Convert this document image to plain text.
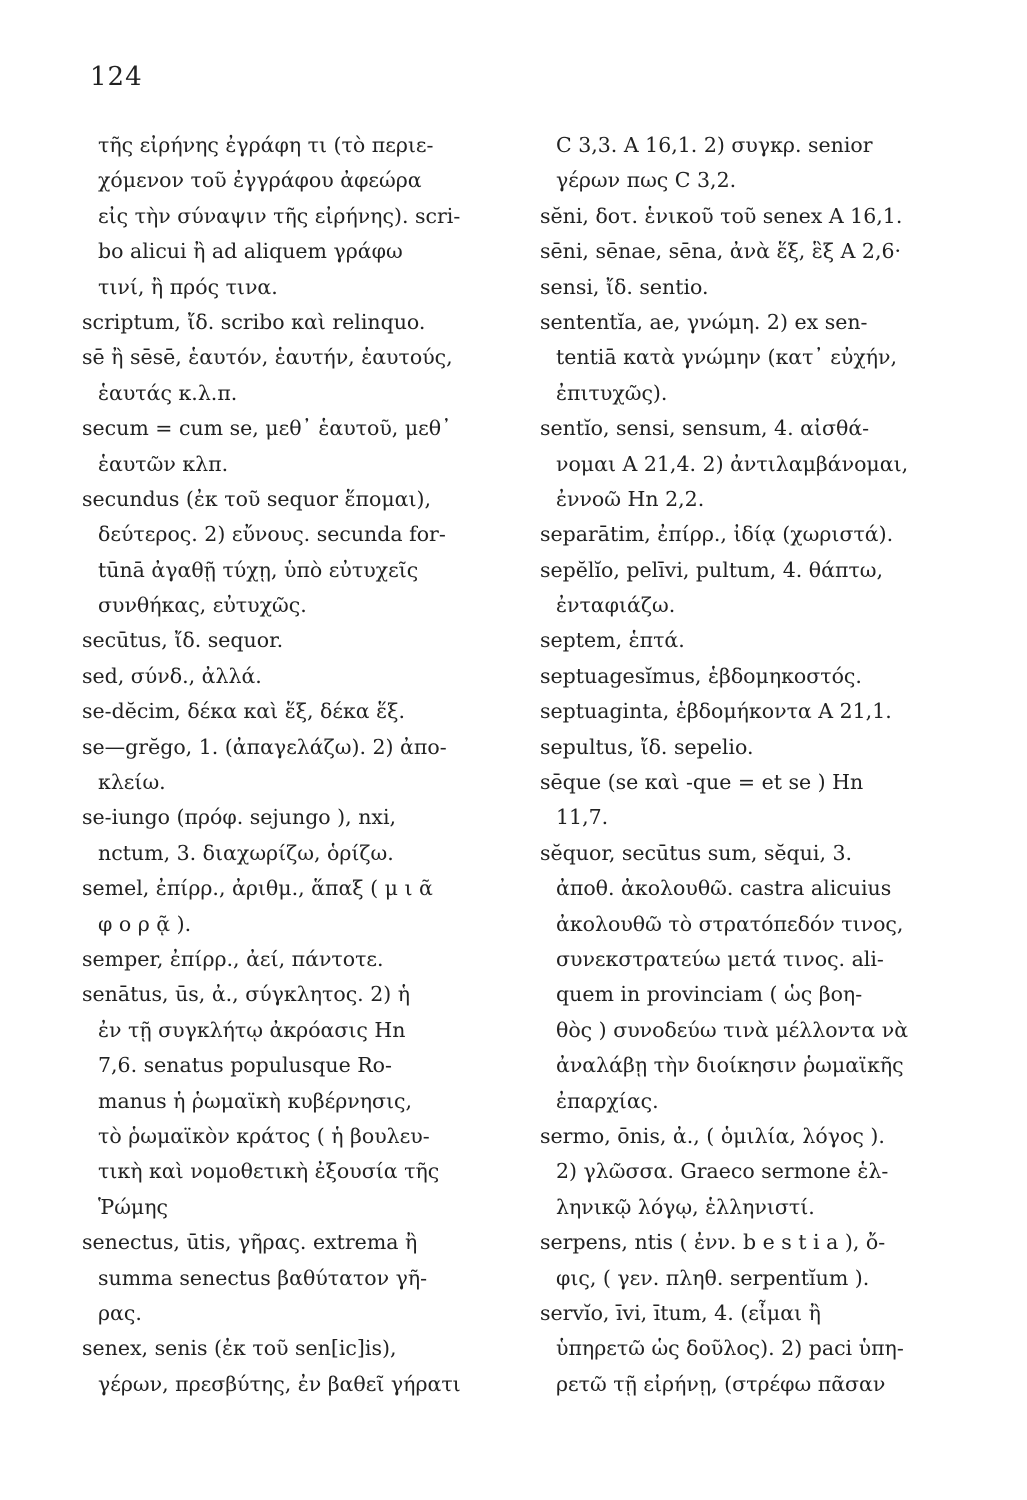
124
τῆς εἰρήνης ἐγράφη τι (τὸ περιε-
χόμενον τοῦ ἐγγράφου ἀφεώρα
εἰς τὴν σύναψιν τῆς εἰρήνης). scri-
bo alicui ἢ ad aliquem γράφω
τινί, ἢ πρός τινα.
scriptum, ἴδ. scribo καὶ relinquo.
sē ἢ sēsē, ἑαυτόν, ἑαυτήν, ἑαυτούς,
ἑαυτάς κ.λ.π.
secum = cum se, μεθ᾽ ἑαυτοῦ, μεθ᾽
ἑαυτῶν κλπ.
secundus (ἐκ τοῦ sequor ἕπομαι),
δεύτερος. 2) εὔνους. secunda for-
tūnā ἀγαθῇ τύχῃ, ὑπὸ εὐτυχεῖς
συνθήκας, εὐτυχῶς.
secūtus, ἴδ. sequor.
sed, σύνδ., ἀλλά.
se-dĕcim, δέκα καὶ ἕξ, δέκα ἕξ.
se—grĕgo, 1. (ἀπαγελάζω). 2) ἀπο-
κλείω.
se-iungo (πρόφ. sejungo ), nxi,
nctum, 3. διαχωρίζω, ὁρίζω.
semel, ἐπίρρ., ἀριθμ., ἅπαξ ( μ ι ᾶ
φ ο ρ ᾷ ).
semper, ἐπίρρ., ἀεί, πάντοτε.
senātus, ūs, ἀ., σύγκλητος. 2) ἡ
ἐν τῇ συγκλήτῳ ἀκρόασις Hn
7,6. senatus populusque Ro-
manus ἡ ῥωμαϊκὴ κυβέρνησις,
τὸ ῥωμαϊκὸν κράτος ( ἡ βουλευ-
τικὴ καὶ νομοθετικὴ ἐξουσία τῆς
Ῥώμης
senectus, ūtis, γῆρας. extrema ἢ
summa senectus βαθύτατον γῆ-
ρας.
senex, senis (ἐκ τοῦ sen[ic]is),
γέρων, πρεσβύτης, ἐν βαθεῖ γήρατι
C 3,3. A 16,1. 2) συγκρ. senior
γέρων πως C 3,2.
sĕni, δοτ. ἑνικοῦ τοῦ senex A 16,1.
sēni, sēnae, sēna, ἀνὰ ἕξ, ἓξ A 2,6·
sensi, ἴδ. sentio.
sententĭa, ae, γνώμη. 2) ex sen-
tentiā κατὰ γνώμην (κατ᾽ εὐχήν,
ἐπιτυχῶς).
sentĭo, sensi, sensum, 4. αἰσθά-
νομαι A 21,4. 2) ἀντιλαμβάνομαι,
ἐννοῶ Hn 2,2.
separātim, ἐπίρρ., ἰδίᾳ (χωριστά).
sepĕlĭo, pelīvi, pultum, 4. θάπτω,
ἐνταφιάζω.
septem, ἑπτά.
septuagesĭmus, ἑβδομηκοστός.
septuaginta, ἑβδομήκοντα A 21,1.
sepultus, ἴδ. sepelio.
sēque (se καὶ -que = et se ) Hn
11,7.
sĕquor, secūtus sum, sĕqui, 3.
ἀποθ. ἀκολουθῶ. castra alicuius
ἀκολουθῶ τὸ στρατόπεδόν τινος,
συνεκστρατεύω μετά τινος. ali-
quem in provinciam ( ὡς βοη-
θὸς ) συνοδεύω τινὰ μέλλοντα νὰ
ἀναλάβῃ τὴν διοίκησιν ῥωμαϊκῆς
ἐπαρχίας.
sermo, ōnis, ἀ., ( ὁμιλία, λόγος ).
2) γλῶσσα. Graeco sermone ἑλ-
ληνικῷ λόγῳ, ἑλληνιστί.
serpens, ntis ( ἐνν. b e s t i a ), ὄ-
φις, ( γεν. πληθ. serpentĭum ).
servĭo, īvi, ītum, 4. (εἶμαι ἢ
ὑπηρετῶ ὡς δοῦλος). 2) paci ὑπη-
ρετῶ τῇ εἰρήνῃ, (στρέφω πᾶσαν
